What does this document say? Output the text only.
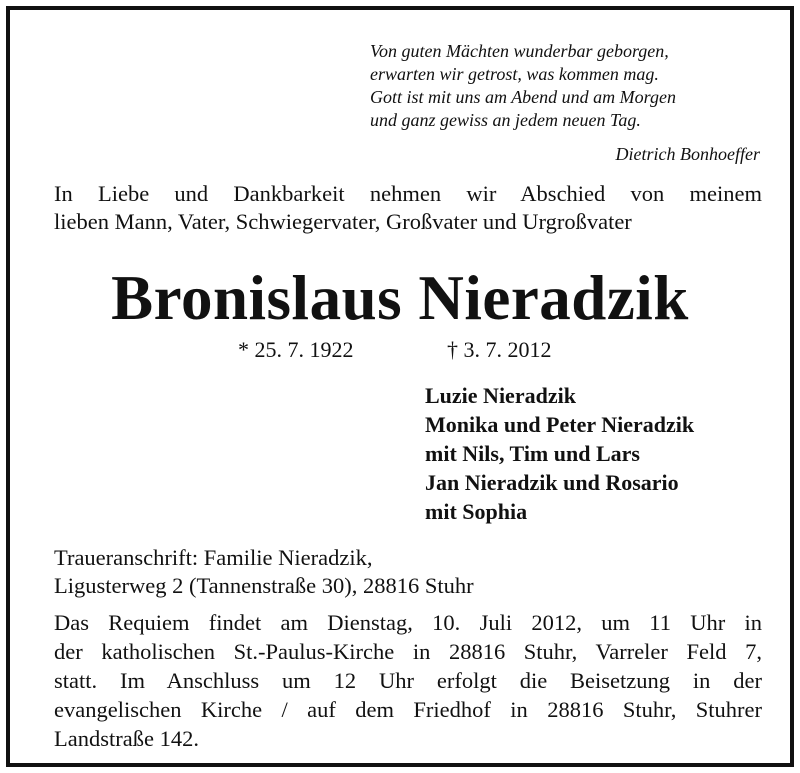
Von guten Mächten wunderbar geborgen,
erwarten wir getrost, was kommen mag.
Gott ist mit uns am Abend und am Morgen
und ganz gewiss an jedem neuen Tag.
Dietrich Bonhoeffer
In Liebe und Dankbarkeit nehmen wir Abschied von meinem
lieben Mann, Vater, Schwiegervater, Großvater und Urgroßvater
Bronislaus Nieradzik
* 25. 7. 1922	† 3. 7. 2012
Luzie Nieradzik
Monika und Peter Nieradzik
mit Nils, Tim und Lars
Jan Nieradzik und Rosario
mit Sophia
Traueranschrift: Familie Nieradzik,
Ligusterweg 2 (Tannenstraße 30), 28816 Stuhr
Das Requiem findet am Dienstag, 10. Juli 2012, um 11 Uhr in
der katholischen St.-Paulus-Kirche in 28816 Stuhr, Varreler Feld 7,
statt. Im Anschluss um 12 Uhr erfolgt die Beisetzung in der
evangelischen Kirche / auf dem Friedhof in 28816 Stuhr, Stuhrer
Landstraße 142.
